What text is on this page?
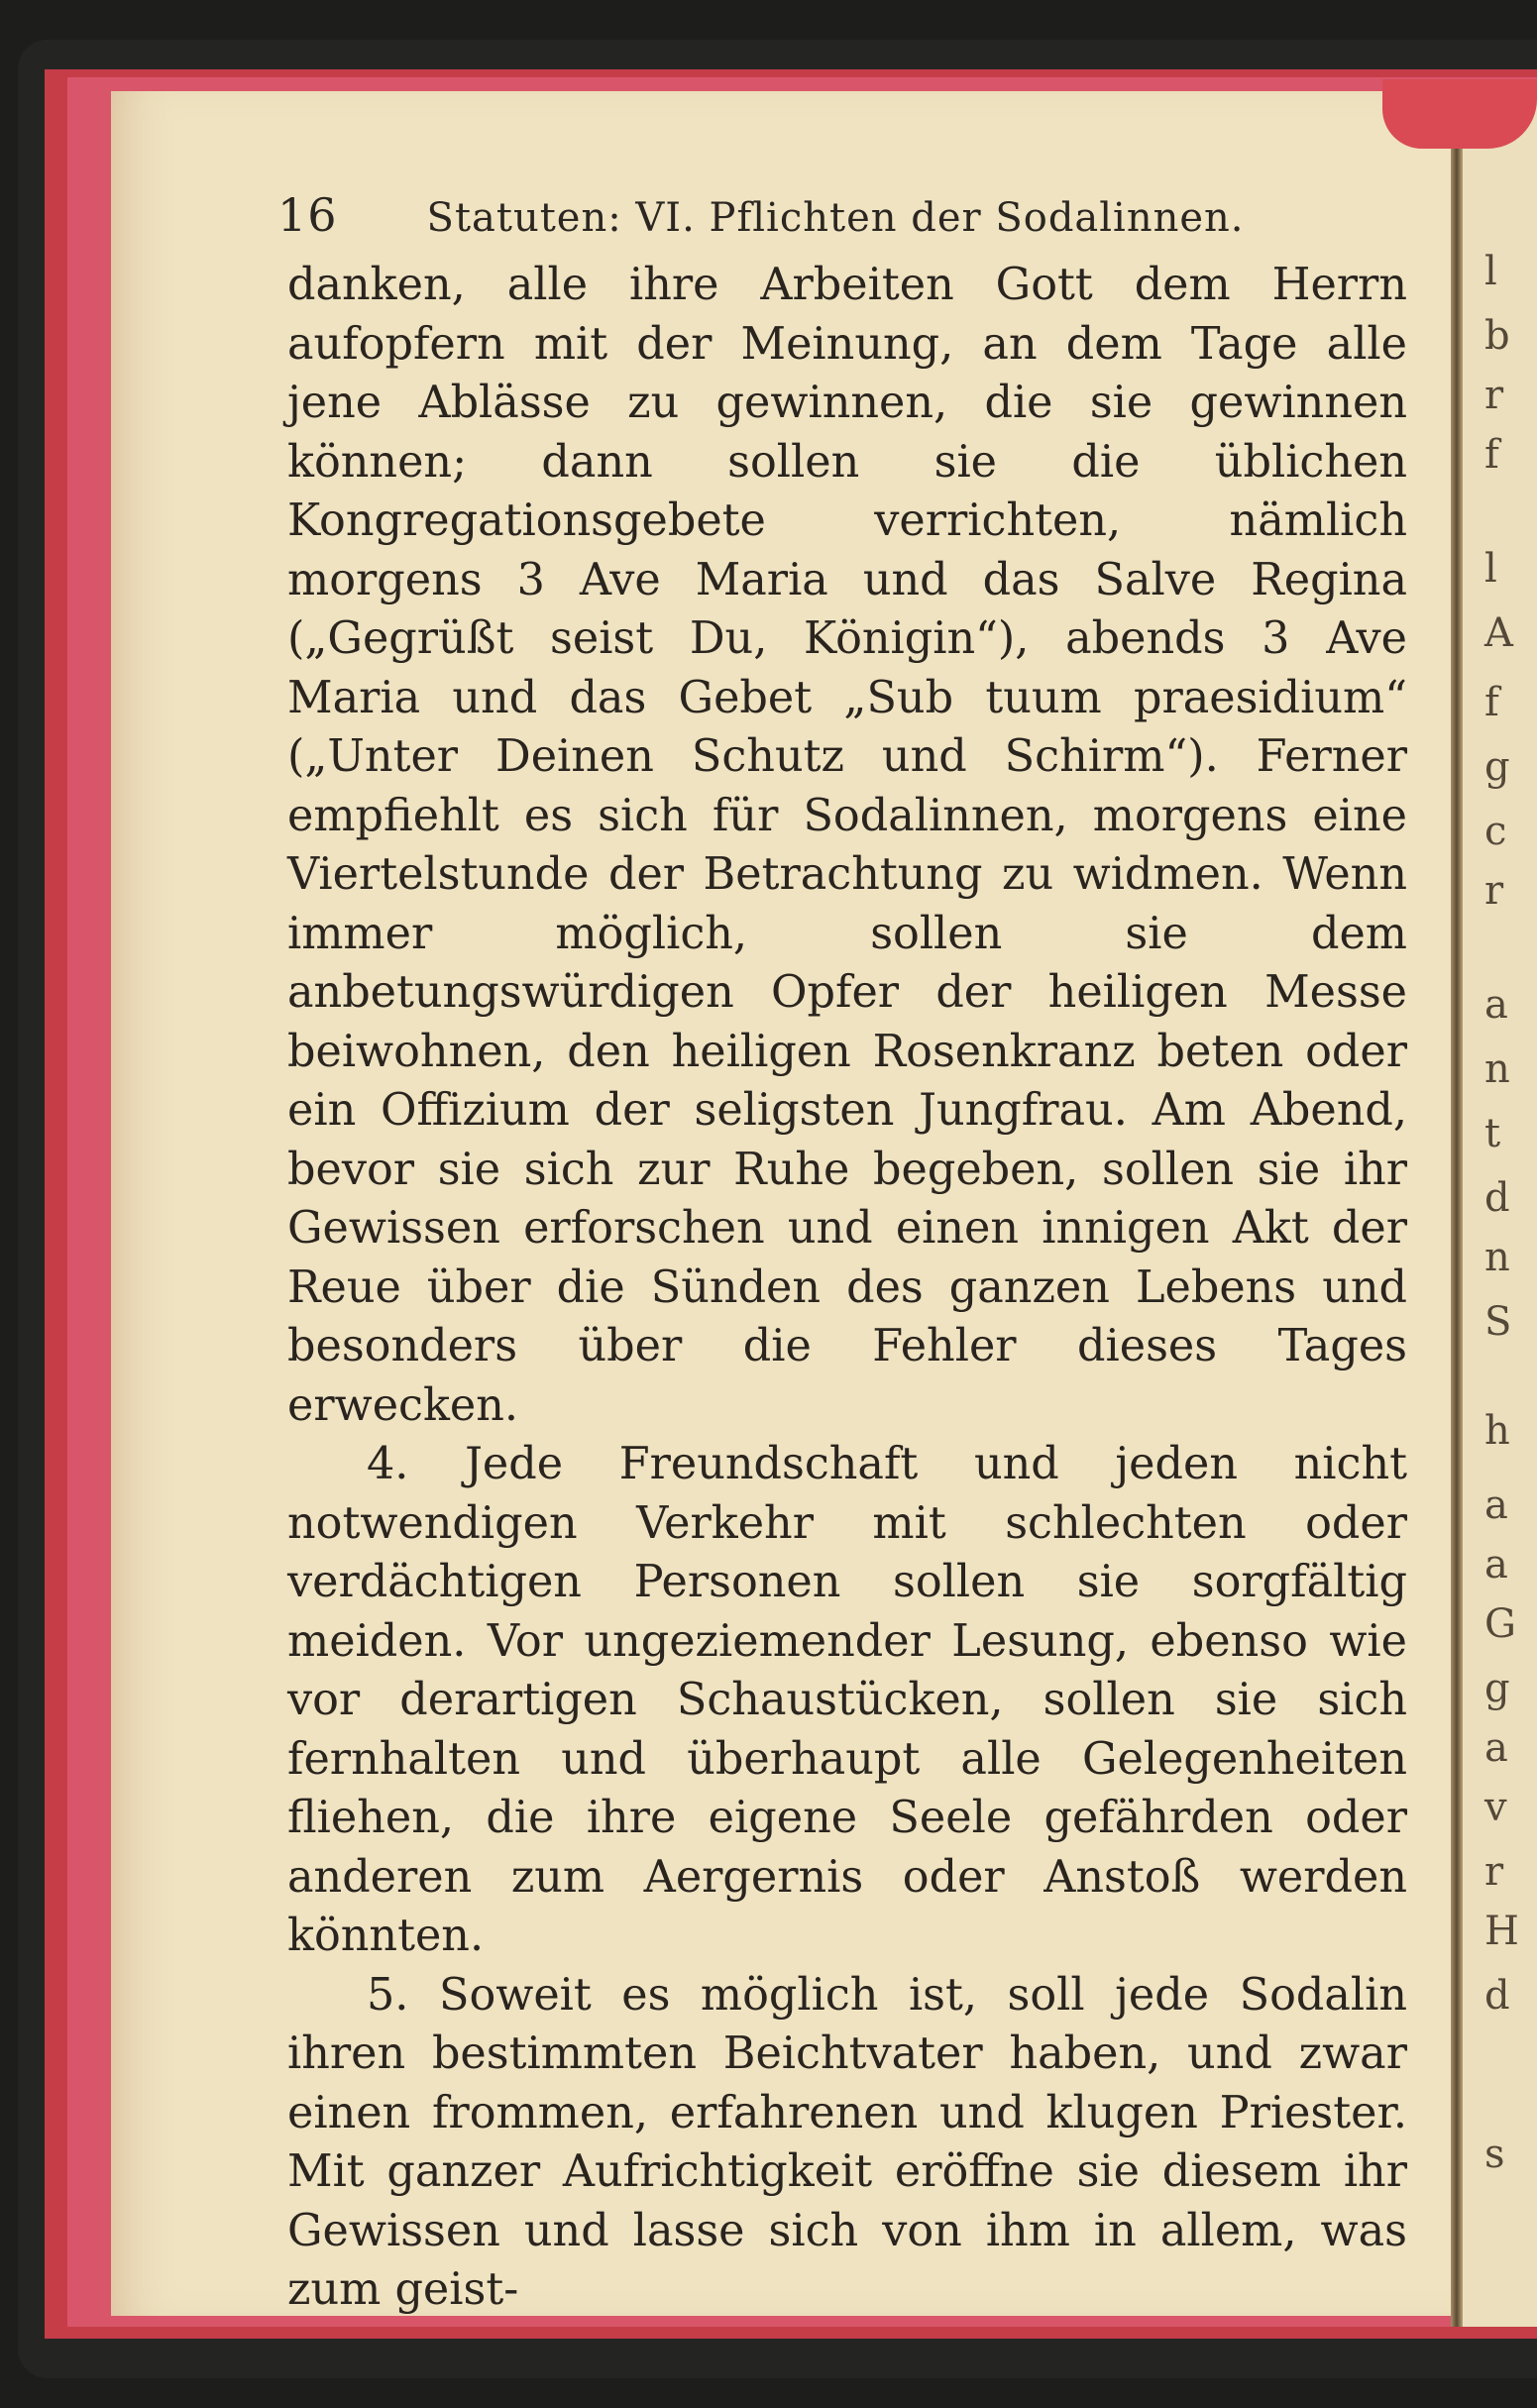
l
b
r
f
l
A
f
g
c
r
a
n
t
d
n
S
h
a
a
G
g
a
v
r
H
d
s
16 Statuten: VI. Pflichten der Sodalinnen.

danken, alle ihre Arbeiten Gott dem Herrn aufopfern mit der Meinung, an dem Tage alle jene Ablässe zu gewinnen, die sie gewinnen können; dann sollen sie die üblichen Kongregationsgebete verrichten, nämlich morgens 3 Ave Maria und das Salve Regina („Gegrüßt seist Du, Königin“), abends 3 Ave Maria und das Gebet „Sub tuum praesidium“ („Unter Deinen Schutz und Schirm“). Ferner empfiehlt es sich für Sodalinnen, morgens eine Viertelstunde der Betrachtung zu widmen. Wenn immer möglich, sollen sie dem anbetungswürdigen Opfer der heiligen Messe beiwohnen, den heiligen Rosenkranz beten oder ein Offizium der seligsten Jungfrau. Am Abend, bevor sie sich zur Ruhe begeben, sollen sie ihr Gewissen erforschen und einen innigen Akt der Reue über die Sünden des ganzen Lebens und besonders über die Fehler dieses Tages erwecken.

4. Jede Freundschaft und jeden nicht notwendigen Verkehr mit schlechten oder verdächtigen Personen sollen sie sorgfältig meiden. Vor ungeziemender Lesung, ebenso wie vor derartigen Schaustücken, sollen sie sich fernhalten und überhaupt alle Gelegenheiten fliehen, die ihre eigene Seele gefährden oder anderen zum Aergernis oder Anstoß werden könnten.

5. Soweit es möglich ist, soll jede Sodalin ihren bestimmten Beichtvater haben, und zwar einen frommen, erfahrenen und klugen Priester. Mit ganzer Aufrichtigkeit eröffne sie diesem ihr Gewissen und lasse sich von ihm in allem, was zum geist-
